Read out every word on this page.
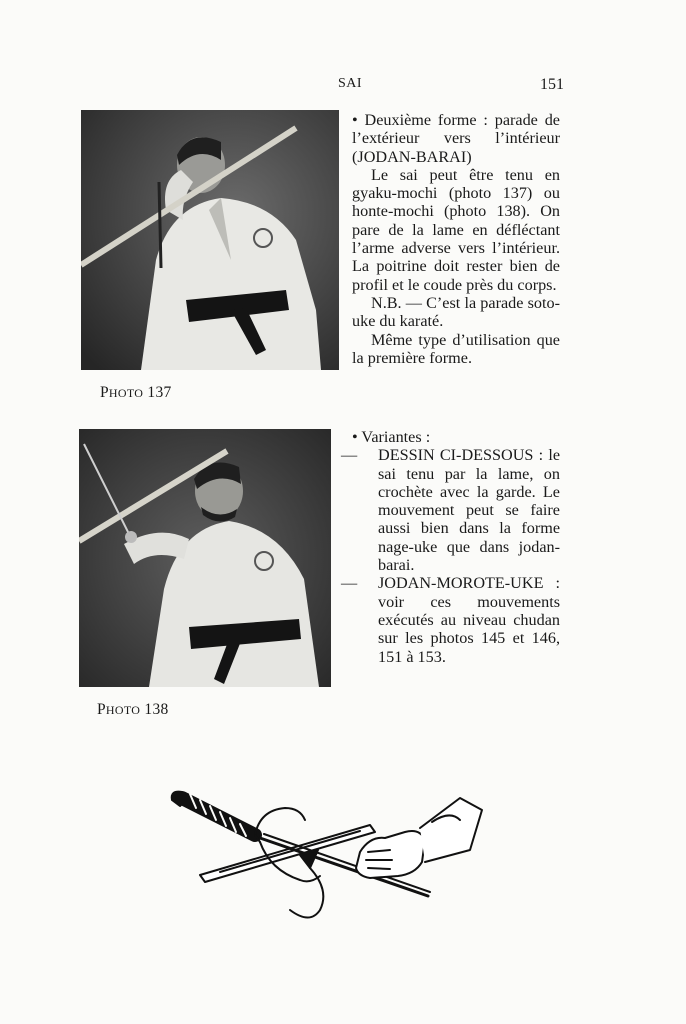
SAI	151
PHOTO 137
PHOTO 138

• Deuxième forme : parade de l’extérieur vers l’intérieur (JODAN-BARAI)

Le sai peut être tenu en gyaku-mochi (photo 137) ou honte-mochi (photo 138). On pare de la lame en défléctant l’arme adverse vers l’intérieur. La poitrine doit rester bien de profil et le coude près du corps.

N.B. — C’est la parade soto-uke du karaté.

Même type d’utilisation que la première forme.

• Variantes :

— DESSIN CI-DESSOUS : le sai tenu par la lame, on crochète avec la garde. Le mouvement peut se faire aussi bien dans la forme nage-uke que dans jodan-barai.
— JODAN-MOROTE-UKE : voir ces mouvements exécutés au niveau chudan sur les photos 145 et 146, 151 à 153.
